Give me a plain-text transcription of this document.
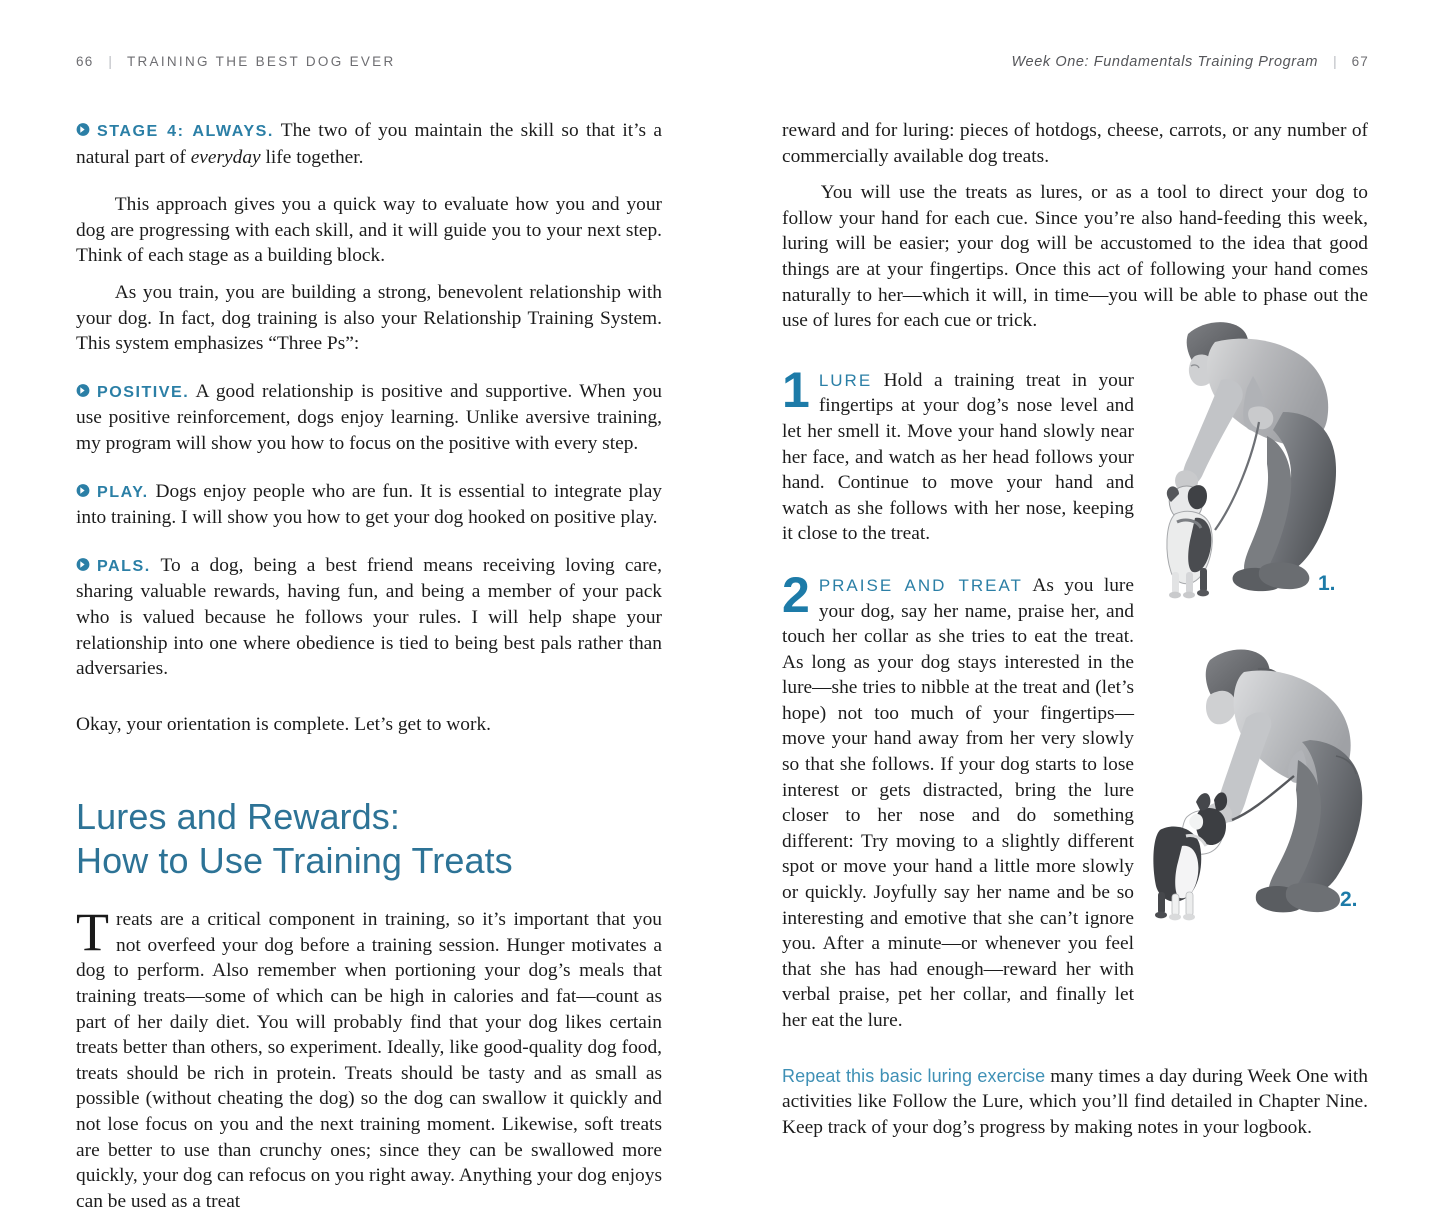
66 | TRAINING THE BEST DOG EVER	Week One: Fundamentals Training Program | 67
1.
2.

STAGE 4: ALWAYS. The two of you maintain the skill so that it’s a natural part of everyday life together.

This approach gives you a quick way to evaluate how you and your dog are progressing with each skill, and it will guide you to your next step. Think of each stage as a building block.

As you train, you are building a strong, benevolent relationship with your dog. In fact, dog training is also your Relationship Training System. This system emphasizes “Three Ps”:

POSITIVE. A good relationship is positive and supportive. When you use positive reinforcement, dogs enjoy learning. Unlike aversive training, my program will show you how to focus on the positive with every step.

PLAY. Dogs enjoy people who are fun. It is essential to integrate play into training. I will show you how to get your dog hooked on positive play.

PALS. To a dog, being a best friend means receiving loving care, sharing valuable rewards, having fun, and being a member of your pack who is valued because he follows your rules. I will help shape your relationship into one where obedience is tied to being best pals rather than adversaries.

Okay, your orientation is complete. Let’s get to work.

Lures and Rewards:
How to Use Training Treats

Treats are a critical component in training, so it’s important that you not overfeed your dog before a training session. Hunger motivates a dog to perform. Also remember when portioning your dog’s meals that training treats—some of which can be high in calories and fat—count as part of her daily diet. You will probably find that your dog likes certain treats better than others, so experiment. Ideally, like good-quality dog food, treats should be rich in protein. Treats should be tasty and as small as possible (without cheating the dog) so the dog can swallow it quickly and not lose focus on you and the next training moment. Likewise, soft treats are better to use than crunchy ones; since they can be swallowed more quickly, your dog can refocus on you right away. Anything your dog enjoys can be used as a treat

reward and for luring: pieces of hotdogs, cheese, carrots, or any number of commercially available dog treats.

You will use the treats as lures, or as a tool to direct your dog to follow your hand for each cue. Since you’re also hand-feeding this week, luring will be easier; your dog will be accustomed to the idea that good things are at your fingertips. Once this act of following your hand comes naturally to her—which it will, in time—you will be able to phase out the use of lures for each cue or trick.

1 LURE Hold a training treat in your fingertips at your dog’s nose level and let her smell it. Move your hand slowly near her face, and watch as her head follows your hand. Continue to move your hand and watch as she follows with her nose, keeping it close to the treat.

2 PRAISE AND TREAT As you lure your dog, say her name, praise her, and touch her collar as she tries to eat the treat. As long as your dog stays interested in the lure—she tries to nibble at the treat and (let’s hope) not too much of your fingertips—move your hand away from her very slowly so that she follows. If your dog starts to lose interest or gets distracted, bring the lure closer to her nose and do something different: Try moving to a slightly different spot or move your hand a little more slowly or quickly. Joyfully say her name and be so interesting and emotive that she can’t ignore you. After a minute—or whenever you feel that she has had enough—reward her with verbal praise, pet her collar, and finally let her eat the lure.

Repeat this basic luring exercise many times a day during Week One with activities like Follow the Lure, which you’ll find detailed in Chapter Nine. Keep track of your dog’s progress by making notes in your logbook.
